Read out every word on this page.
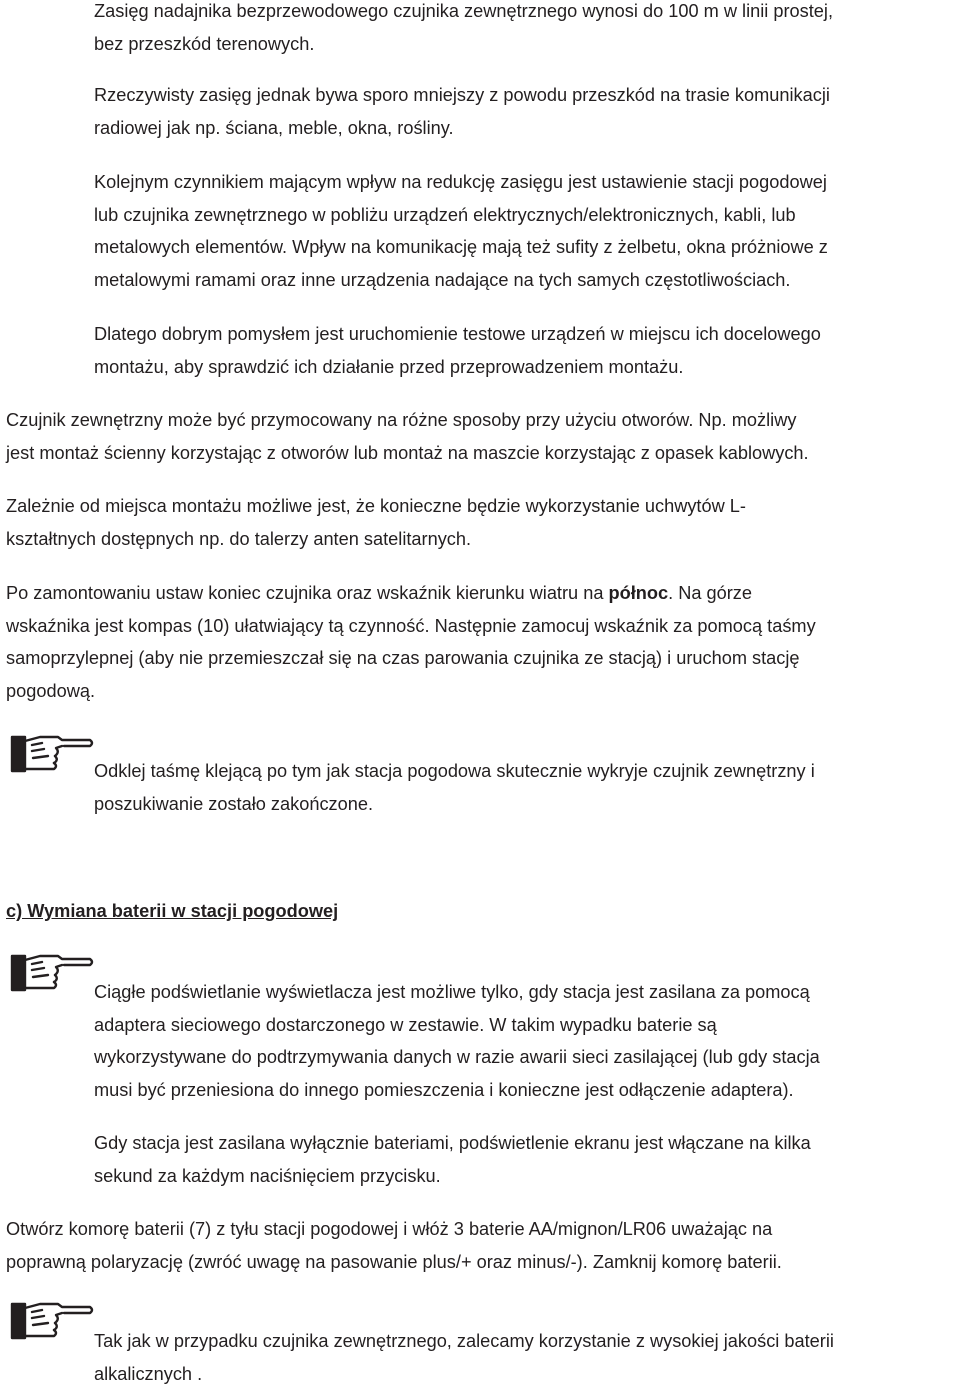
Zasięg nadajnika bezprzewodowego czujnika zewnętrznego wynosi do 100 m w linii prostej,
bez przeszkód terenowych.
Rzeczywisty zasięg jednak bywa sporo mniejszy z powodu przeszkód na trasie komunikacji
radiowej jak np. ściana, meble, okna, rośliny.
Kolejnym czynnikiem mającym wpływ na redukcję zasięgu jest ustawienie stacji pogodowej
lub czujnika zewnętrznego w pobliżu urządzeń elektrycznych/elektronicznych, kabli, lub
metalowych elementów. Wpływ na komunikację mają też sufity z żelbetu, okna próżniowe z
metalowymi ramami oraz inne urządzenia nadające na tych samych częstotliwościach.
Dlatego dobrym pomysłem jest uruchomienie testowe urządzeń w miejscu ich docelowego
montażu, aby sprawdzić ich działanie przed przeprowadzeniem montażu.
Czujnik zewnętrzny może być przymocowany na różne sposoby przy użyciu otworów. Np. możliwy
jest montaż ścienny korzystając z otworów lub montaż na maszcie korzystając z opasek kablowych.
Zależnie od miejsca montażu możliwe jest, że konieczne będzie wykorzystanie uchwytów L-
kształtnych dostępnych np. do talerzy anten satelitarnych.
Po zamontowaniu ustaw koniec czujnika oraz wskaźnik kierunku wiatru na północ. Na górze
wskaźnika jest kompas (10) ułatwiający tą czynność. Następnie zamocuj wskaźnik za pomocą taśmy
samoprzylepnej (aby nie przemieszczał się na czas parowania czujnika ze stacją) i uruchom stację
pogodową.
Odklej taśmę klejącą po tym jak stacja pogodowa skutecznie wykryje czujnik zewnętrzny i
poszukiwanie zostało zakończone.
c) Wymiana baterii w stacji pogodowej
Ciągłe podświetlanie wyświetlacza jest możliwe tylko, gdy stacja jest zasilana za pomocą
adaptera sieciowego dostarczonego w zestawie. W takim wypadku baterie są
wykorzystywane do podtrzymywania danych w razie awarii sieci zasilającej (lub gdy stacja
musi być przeniesiona do innego pomieszczenia i konieczne jest odłączenie adaptera).
Gdy stacja jest zasilana wyłącznie bateriami, podświetlenie ekranu jest włączane na kilka
sekund za każdym naciśnięciem przycisku.
Otwórz komorę baterii (7) z tyłu stacji pogodowej i włóż 3 baterie AA/mignon/LR06 uważając na
poprawną polaryzację (zwróć uwagę na pasowanie plus/+ oraz minus/-). Zamknij komorę baterii.
Tak jak w przypadku czujnika zewnętrznego, zalecamy korzystanie z wysokiej jakości baterii
alkalicznych .
